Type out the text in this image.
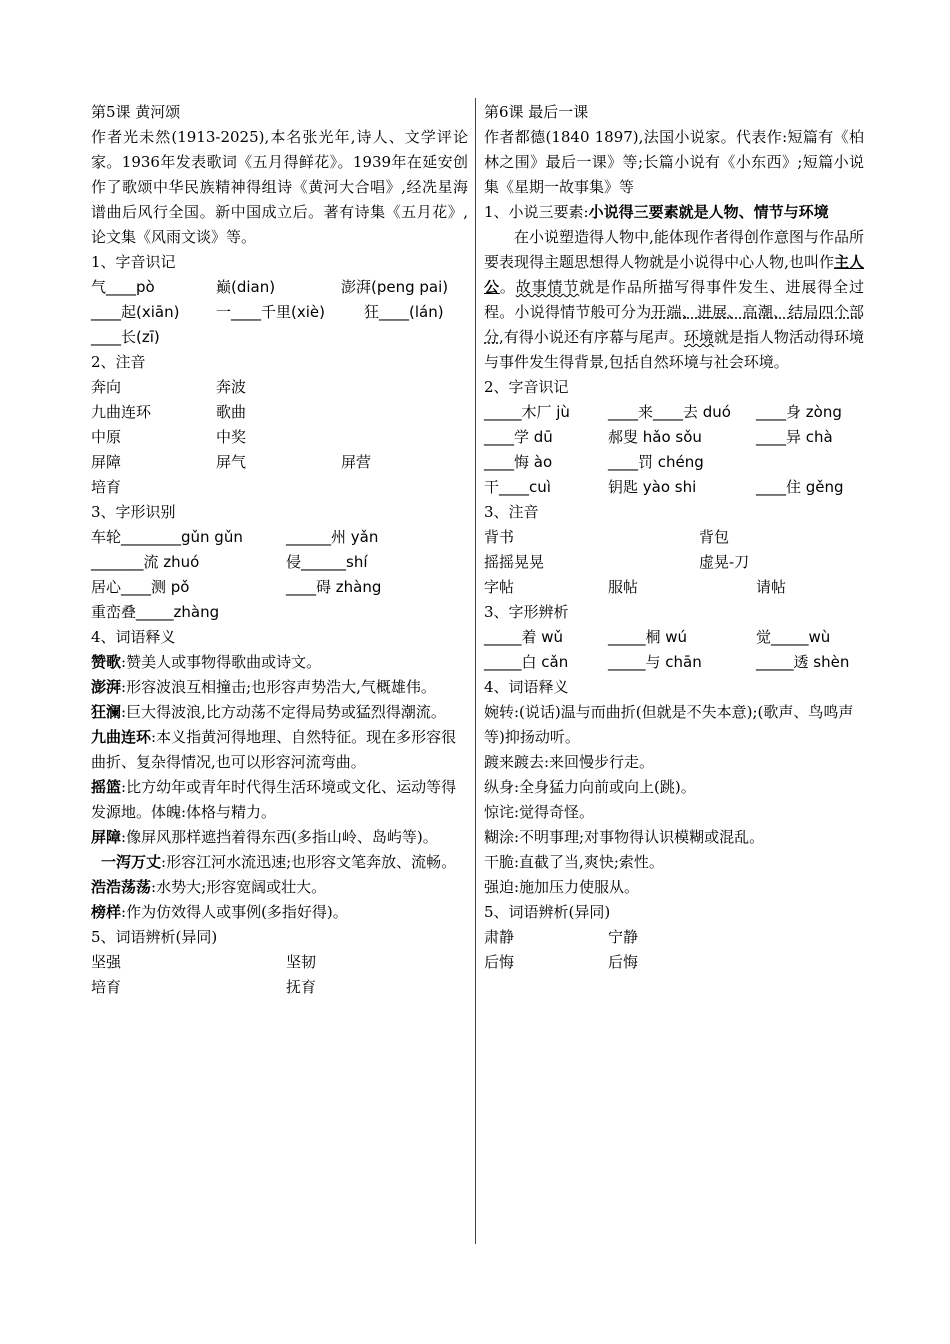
第5课 黄河颂
作者光未然(1913-2025),本名张光年,诗人、文学评论家。1936年发表歌词《五月得鲜花》。1939年在延安创作了歌颂中华民族精神得组诗《黄河大合唱》,经冼星海谱曲后风行全国。新中国成立后。著有诗集《五月花》,论文集《风雨文谈》等。
1、字音识记
气____pò	巅(dian)	澎湃(peng pai)
____起(xiān)	一____千里(xiè)	狂____(lán)
____长(zī)
2、注音
奔向	奔波
九曲连环	歌曲
中原	中奖
屏障	屏气	屏营
培育
3、字形识别
车轮________gǔn gǔn	______州 yǎn
_______流 zhuó	侵______shí
居心____测 pǒ	____碍 zhàng
重峦叠_____zhàng
4、词语释义
赞歌:赞美人或事物得歌曲或诗文。
澎湃:形容波浪互相撞击;也形容声势浩大,气概雄伟。
狂澜:巨大得波浪,比方动荡不定得局势或猛烈得潮流。
九曲连环:本义指黄河得地理、自然特征。现在多形容很曲折、复杂得情况,也可以形容河流弯曲。
摇篮:比方幼年或青年时代得生活环境或文化、运动等得发源地。体魄:体格与精力。
屏障:像屏风那样遮挡着得东西(多指山岭、岛屿等)。
一泻万丈:形容江河水流迅速;也形容文笔奔放、流畅。
浩浩荡荡:水势大;形容宽阔或壮大。
榜样:作为仿效得人或事例(多指好得)。
5、词语辨析(异同)
坚强	坚韧
培育	抚育
第6课 最后一课
作者都德(1840 1897),法国小说家。代表作:短篇有《柏林之围》最后一课》等;长篇小说有《小东西》;短篇小说集《星期一故事集》等
1、小说三要素:小说得三要素就是人物、情节与环境
在小说塑造得人物中,能体现作者得创作意图与作品所要表现得主题思想得人物就是小说得中心人物,也叫作主人公。故事情节就是作品所描写得事件发生、进展得全过程。小说得情节般可分为开端、进展、高潮、结局四个部分,有得小说还有序幕与尾声。环境就是指人物活动得环境与事件发生得背景,包括自然环境与社会环境。
2、字音识记
_____木厂 jù	____来____去 duó	____身 zòng
____学 dū	郝叟 hǎo sǒu	____异 chà
____悔 ào	____罚 chéng
干____cuì	钥匙 yào shi	____住 gěng
3、注音
背书	背包
摇摇晃晃	虚晃-刀
字帖	服帖	请帖
3、字形辨析
_____着 wǔ	_____桐 wú	觉_____wù
_____白 cǎn	_____与 chān	_____透 shèn
4、词语释义
婉转:(说话)温与而曲折(但就是不失本意);(歌声、鸟鸣声等)抑扬动听。
踱来踱去:来回慢步行走。
纵身:全身猛力向前或向上(跳)。
惊诧:觉得奇怪。
糊涂:不明事理;对事物得认识模糊或混乱。
干脆:直截了当,爽快;索性。
强迫:施加压力使服从。
5、词语辨析(异同)
肃静	宁静
后悔	后悔
